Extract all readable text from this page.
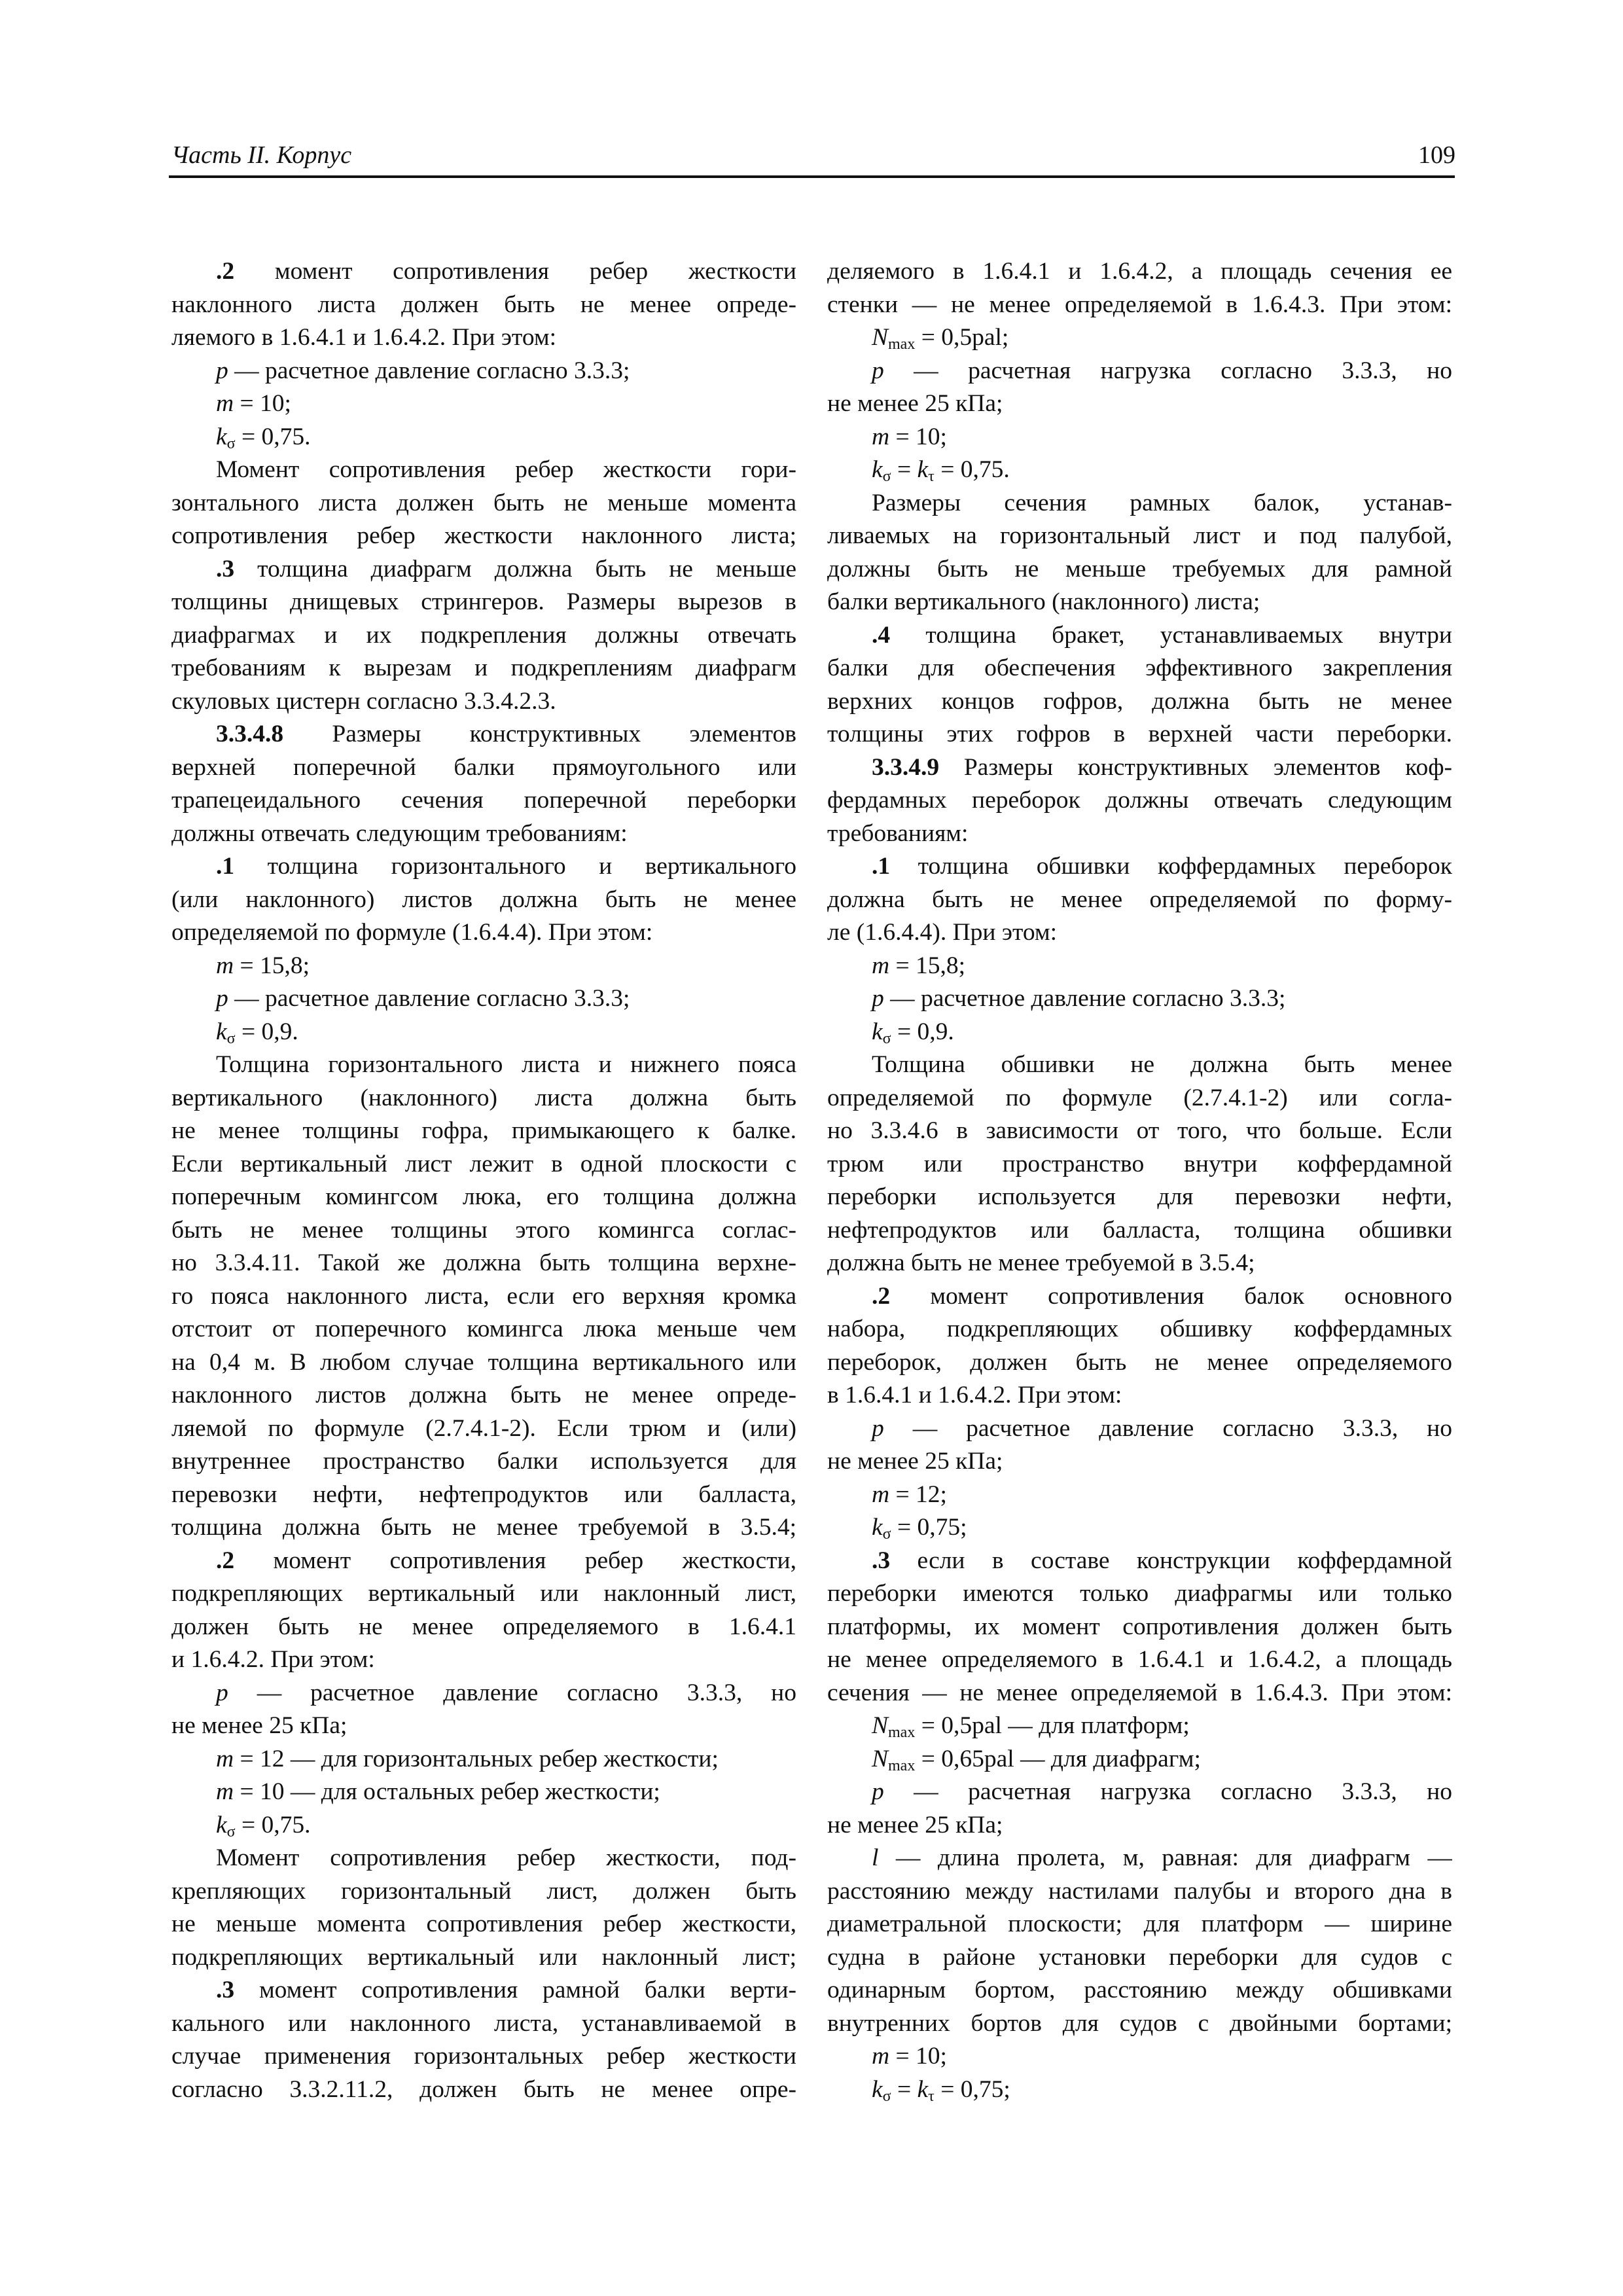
Часть II. Корпус	109
.2 момент сопротивления ребер жесткости
наклонного листа должен быть не менее опреде-
ляемого в 1.6.4.1 и 1.6.4.2. При этом:
p — расчетное давление согласно 3.3.3;
m = 10;
$k_\sigma = 0,75$.
Момент сопротивления ребер жесткости гори-
зонтального листа должен быть не меньше момента
сопротивления ребер жесткости наклонного листа;
.3 толщина диафрагм должна быть не меньше
толщины днищевых стрингеров. Размеры вырезов в
диафрагмах и их подкрепления должны отвечать
требованиям к вырезам и подкреплениям диафрагм
скуловых цистерн согласно 3.3.4.2.3.
3.3.4.8 Размеры конструктивных элементов
верхней поперечной балки прямоугольного или
трапецеидального сечения поперечной переборки
должны отвечать следующим требованиям:
.1 толщина горизонтального и вертикального
(или наклонного) листов должна быть не менее
определяемой по формуле (1.6.4.4). При этом:
m = 15,8;
p — расчетное давление согласно 3.3.3;
$k_\sigma = 0,9$.
Толщина горизонтального листа и нижнего пояса
вертикального (наклонного) листа должна быть
не менее толщины гофра, примыкающего к балке.
Если вертикальный лист лежит в одной плоскости с
поперечным комингсом люка, его толщина должна
быть не менее толщины этого комингса соглас-
но 3.3.4.11. Такой же должна быть толщина верхне-
го пояса наклонного листа, если его верхняя кромка
отстоит от поперечного комингса люка меньше чем
на 0,4 м. В любом случае толщина вертикального или
наклонного листов должна быть не менее опреде-
ляемой по формуле (2.7.4.1-2). Если трюм и (или)
внутреннее пространство балки используется для
перевозки нефти, нефтепродуктов или балласта,
толщина должна быть не менее требуемой в 3.5.4;
.2 момент сопротивления ребер жесткости,
подкрепляющих вертикальный или наклонный лист,
должен быть не менее определяемого в 1.6.4.1
и 1.6.4.2. При этом:
p — расчетное давление согласно 3.3.3, но
не менее 25 кПа;
m = 12 — для горизонтальных ребер жесткости;
m = 10 — для остальных ребер жесткости;
$k_\sigma = 0,75$.
Момент сопротивления ребер жесткости, под-
крепляющих горизонтальный лист, должен быть
не меньше момента сопротивления ребер жесткости,
подкрепляющих вертикальный или наклонный лист;
.3 момент сопротивления рамной балки верти-
кального или наклонного листа, устанавливаемой в
случае применения горизонтальных ребер жесткости
согласно 3.3.2.11.2, должен быть не менее опре-
деляемого в 1.6.4.1 и 1.6.4.2, а площадь сечения ее
стенки — не менее определяемой в 1.6.4.3. При этом:
$N_{max} = 0,5pal$;
p — расчетная нагрузка согласно 3.3.3, но
не менее 25 кПа;
m = 10;
$k_\sigma = k_\tau = 0,75$.
Размеры сечения рамных балок, устанав-
ливаемых на горизонтальный лист и под палубой,
должны быть не меньше требуемых для рамной
балки вертикального (наклонного) листа;
.4 толщина бракет, устанавливаемых внутри
балки для обеспечения эффективного закрепления
верхних концов гофров, должна быть не менее
толщины этих гофров в верхней части переборки.
3.3.4.9 Размеры конструктивных элементов коф-
фердамных переборок должны отвечать следующим
требованиям:
.1 толщина обшивки коффердамных переборок
должна быть не менее определяемой по форму-
ле (1.6.4.4). При этом:
m = 15,8;
p — расчетное давление согласно 3.3.3;
$k_\sigma = 0,9$.
Толщина обшивки не должна быть менее
определяемой по формуле (2.7.4.1-2) или согла-
но 3.3.4.6 в зависимости от того, что больше. Если
трюм или пространство внутри коффердамной
переборки используется для перевозки нефти,
нефтепродуктов или балласта, толщина обшивки
должна быть не менее требуемой в 3.5.4;
.2 момент сопротивления балок основного
набора, подкрепляющих обшивку коффердамных
переборок, должен быть не менее определяемого
в 1.6.4.1 и 1.6.4.2. При этом:
p — расчетное давление согласно 3.3.3, но
не менее 25 кПа;
m = 12;
$k_\sigma = 0,75$;
.3 если в составе конструкции коффердамной
переборки имеются только диафрагмы или только
платформы, их момент сопротивления должен быть
не менее определяемого в 1.6.4.1 и 1.6.4.2, а площадь
сечения — не менее определяемой в 1.6.4.3. При этом:
$N_{max} = 0,5pal$ — для платформ;
$N_{max} = 0,65pal$ — для диафрагм;
p — расчетная нагрузка согласно 3.3.3, но
не менее 25 кПа;
l — длина пролета, м, равная: для диафрагм —
расстоянию между настилами палубы и второго дна в
диаметральной плоскости; для платформ — ширине
судна в районе установки переборки для судов с
одинарным бортом, расстоянию между обшивками
внутренних бортов для судов с двойными бортами;
m = 10;
$k_\sigma = k_\tau = 0,75$;
